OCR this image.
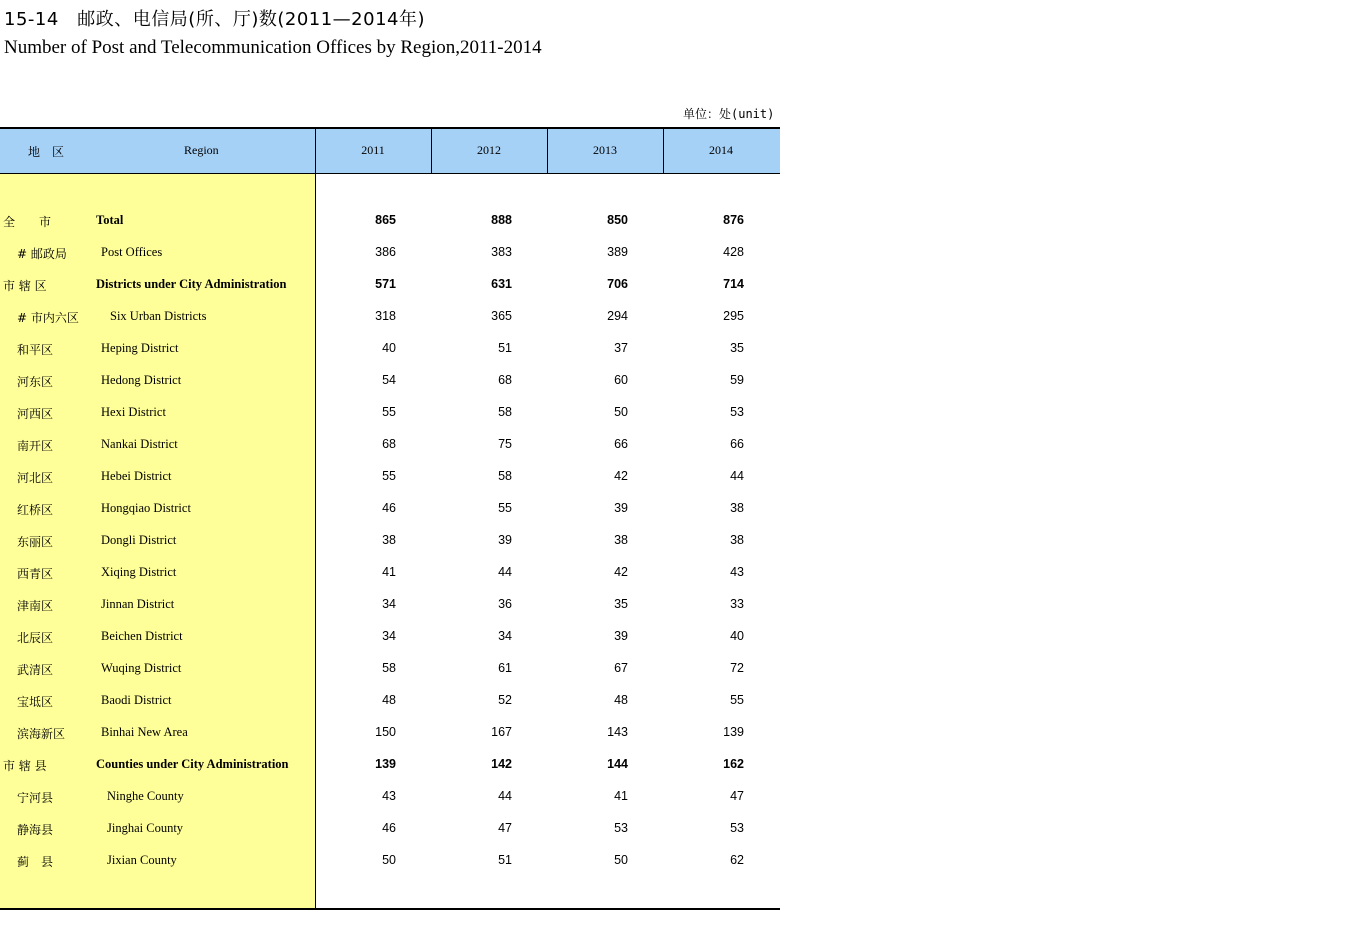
15-14　邮政、电信局(所、厅)数(2011—2014年)
Number of Post and Telecommunication Offices by Region,2011-2014
单位：处(unit)
地　区	Region	2011	2012	2013	2014
全　　市	Total	865	888	850	876
# 邮政局	Post Offices	386	383	389	428
市 辖 区	Districts under City Administration	571	631	706	714
# 市内六区 Six Urban Districts	318	365	294	295
和平区	Heping District	40	51	37	35
河东区	Hedong District	54	68	60	59
河西区	Hexi District	55	58	50	53
南开区	Nankai District	68	75	66	66
河北区	Hebei District	55	58	42	44
红桥区	Hongqiao District	46	55	39	38
东丽区	Dongli District	38	39	38	38
西青区	Xiqing District	41	44	42	43
津南区	Jinnan District	34	36	35	33
北辰区	Beichen District	34	34	39	40
武清区	Wuqing District	58	61	67	72
宝坻区	Baodi District	48	52	48	55
滨海新区	Binhai New Area	150	167	143	139
市 辖 县	Counties under City Administration	139	142	144	162
宁河县	Ninghe County	43	44	41	47
静海县	Jinghai County	46	47	53	53
蓟　县	Jixian County	50	51	50	62
